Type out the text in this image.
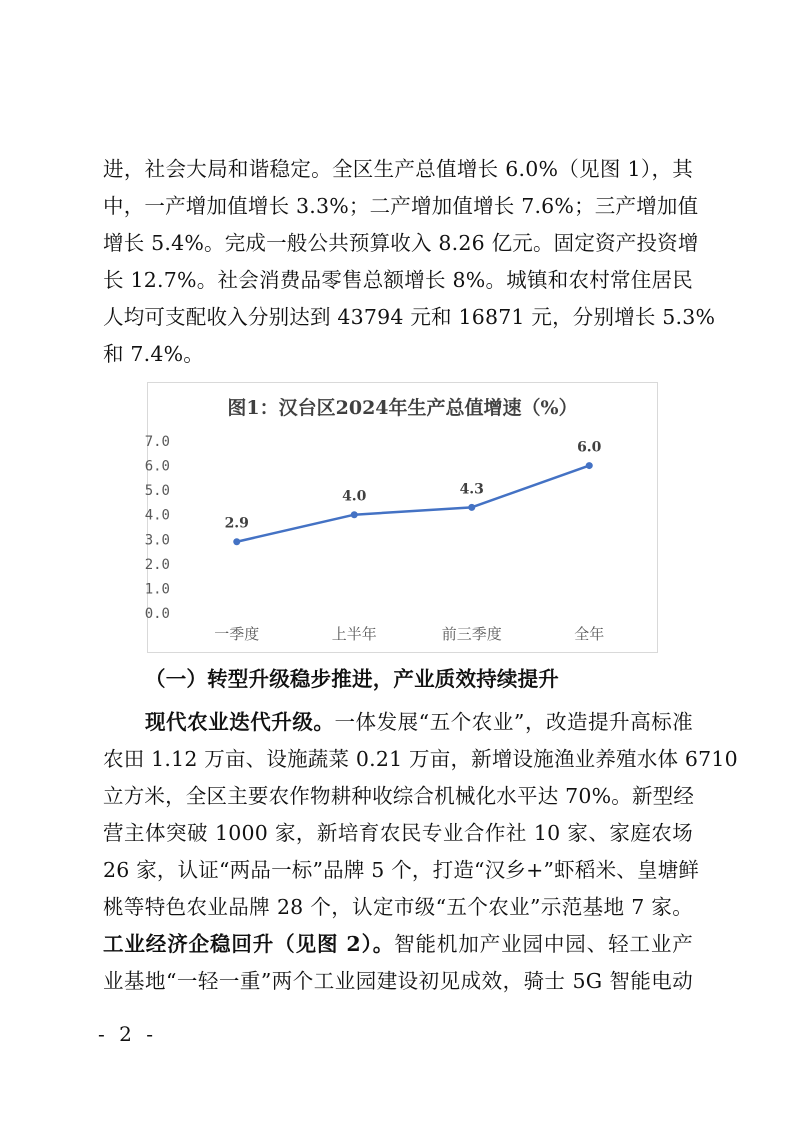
进，社会大局和谐稳定。全区生产总值增长 6.0%（见图 1），其
中，一产增加值增长 3.3%；二产增加值增长 7.6%；三产增加值
增长 5.4%。完成一般公共预算收入 8.26 亿元。固定资产投资增
长 12.7%。社会消费品零售总额增长 8%。城镇和农村常住居民
人均可支配收入分别达到 43794 元和 16871 元，分别增长 5.3%
和 7.4%。
图1：汉台区2024年生产总值增速（%）
0.0
1.0
2.0
3.0
4.0
5.0
6.0
7.0
一季度	上半年	前三季度	全年
2.9
4.0	4.3
6.0
（一）转型升级稳步推进，产业质效持续提升
现代农业迭代升级。一体发展“五个农业”，改造提升高标准
农田 1.12 万亩、设施蔬菜 0.21 万亩，新增设施渔业养殖水体 6710
立方米，全区主要农作物耕种收综合机械化水平达 70%。新型经
营主体突破 1000 家，新培育农民专业合作社 10 家、家庭农场
26 家，认证“两品一标”品牌 5 个，打造“汉乡+”虾稻米、皇塘鲜
桃等特色农业品牌 28 个，认定市级“五个农业”示范基地 7 家。
工业经济企稳回升（见图 2）。智能机加产业园中园、轻工业产
业基地“一轻一重”两个工业园建设初见成效，骑士 5G 智能电动
- 2 -
